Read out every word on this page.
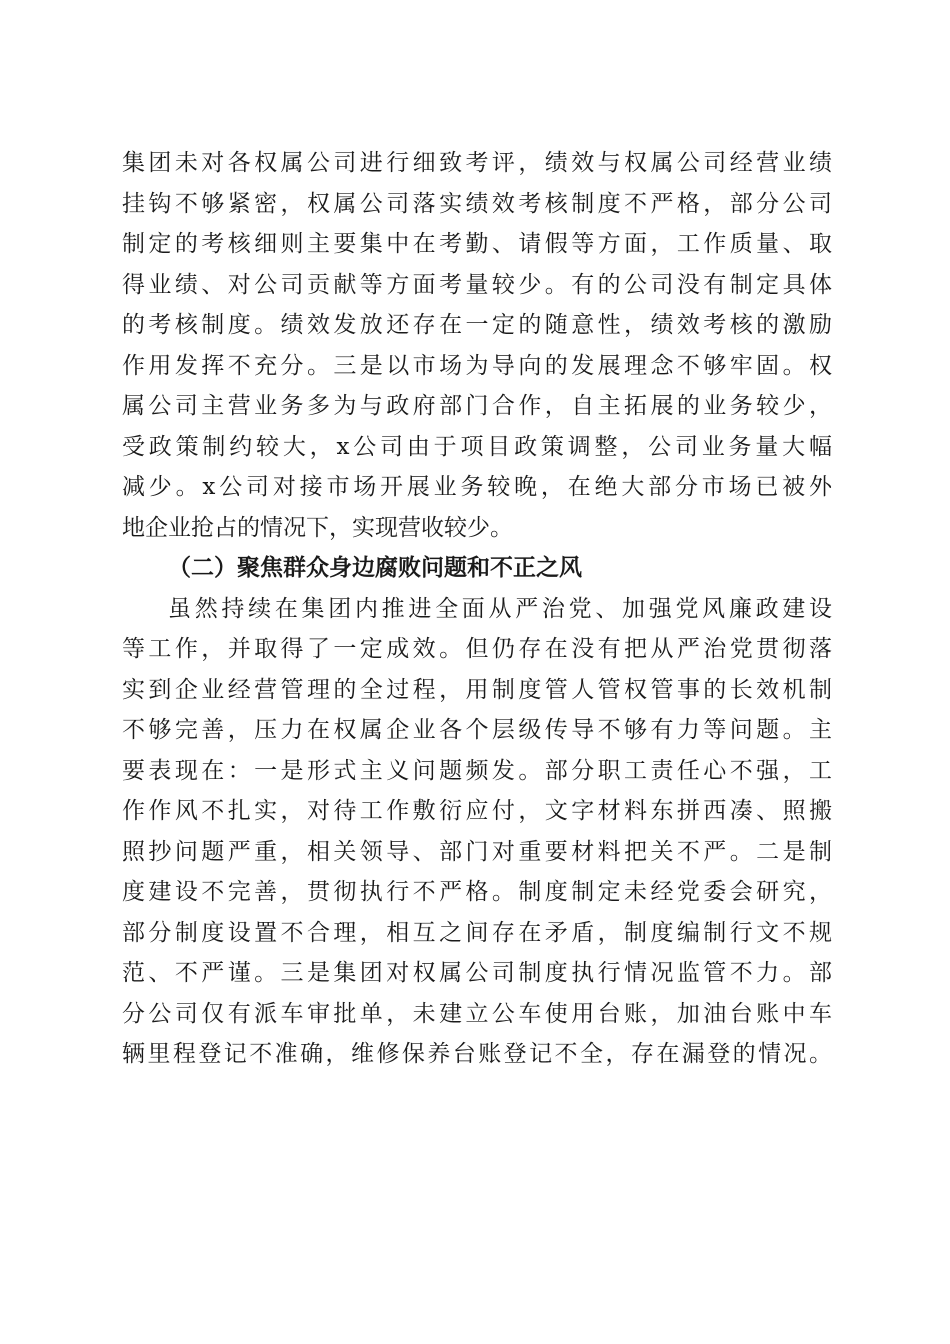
集团未对各权属公司进行细致考评，绩效与权属公司经营业绩
挂钩不够紧密，权属公司落实绩效考核制度不严格，部分公司
制定的考核细则主要集中在考勤、请假等方面，工作质量、取
得业绩、对公司贡献等方面考量较少。有的公司没有制定具体
的考核制度。绩效发放还存在一定的随意性，绩效考核的激励
作用发挥不充分。三是以市场为导向的发展理念不够牢固。权
属公司主营业务多为与政府部门合作，自主拓展的业务较少，
受政策制约较大，x公司由于项目政策调整，公司业务量大幅
减少。x公司对接市场开展业务较晚，在绝大部分市场已被外
地企业抢占的情况下，实现营收较少。
（二）聚焦群众身边腐败问题和不正之风
虽然持续在集团内推进全面从严治党、加强党风廉政建设
等工作，并取得了一定成效。但仍存在没有把从严治党贯彻落
实到企业经营管理的全过程，用制度管人管权管事的长效机制
不够完善，压力在权属企业各个层级传导不够有力等问题。主
要表现在：一是形式主义问题频发。部分职工责任心不强，工
作作风不扎实，对待工作敷衍应付，文字材料东拼西凑、照搬
照抄问题严重，相关领导、部门对重要材料把关不严。二是制
度建设不完善，贯彻执行不严格。制度制定未经党委会研究，
部分制度设置不合理，相互之间存在矛盾，制度编制行文不规
范、不严谨。三是集团对权属公司制度执行情况监管不力。部
分公司仅有派车审批单，未建立公车使用台账，加油台账中车
辆里程登记不准确，维修保养台账登记不全，存在漏登的情况。
